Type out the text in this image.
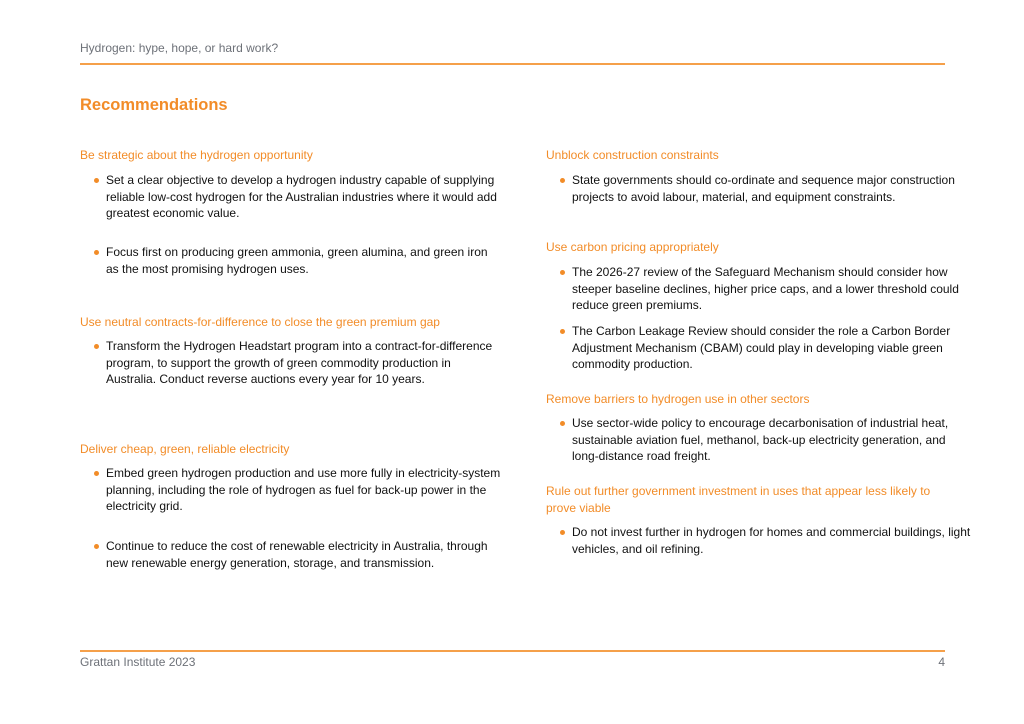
Hydrogen: hype, hope, or hard work?
Recommendations
Be strategic about the hydrogen opportunity
Set a clear objective to develop a hydrogen industry capable of supplying reliable low-cost hydrogen for the Australian industries where it would add greatest economic value.
Focus first on producing green ammonia, green alumina, and green iron as the most promising hydrogen uses.
Use neutral contracts-for-difference to close the green premium gap
Transform the Hydrogen Headstart program into a contract-for-difference program, to support the growth of green commodity production in Australia. Conduct reverse auctions every year for 10 years.
Deliver cheap, green, reliable electricity
Embed green hydrogen production and use more fully in electricity-system planning, including the role of hydrogen as fuel for back-up power in the electricity grid.
Continue to reduce the cost of renewable electricity in Australia, through new renewable energy generation, storage, and transmission.
Unblock construction constraints
State governments should co-ordinate and sequence major construction projects to avoid labour, material, and equipment constraints.
Use carbon pricing appropriately
The 2026-27 review of the Safeguard Mechanism should consider how steeper baseline declines, higher price caps, and a lower threshold could reduce green premiums.
The Carbon Leakage Review should consider the role a Carbon Border Adjustment Mechanism (CBAM) could play in developing viable green commodity production.
Remove barriers to hydrogen use in other sectors
Use sector-wide policy to encourage decarbonisation of industrial heat, sustainable aviation fuel, methanol, back-up electricity generation, and long-distance road freight.
Rule out further government investment in uses that appear less likely to prove viable
Do not invest further in hydrogen for homes and commercial buildings, light vehicles, and oil refining.
Grattan Institute 2023	4
